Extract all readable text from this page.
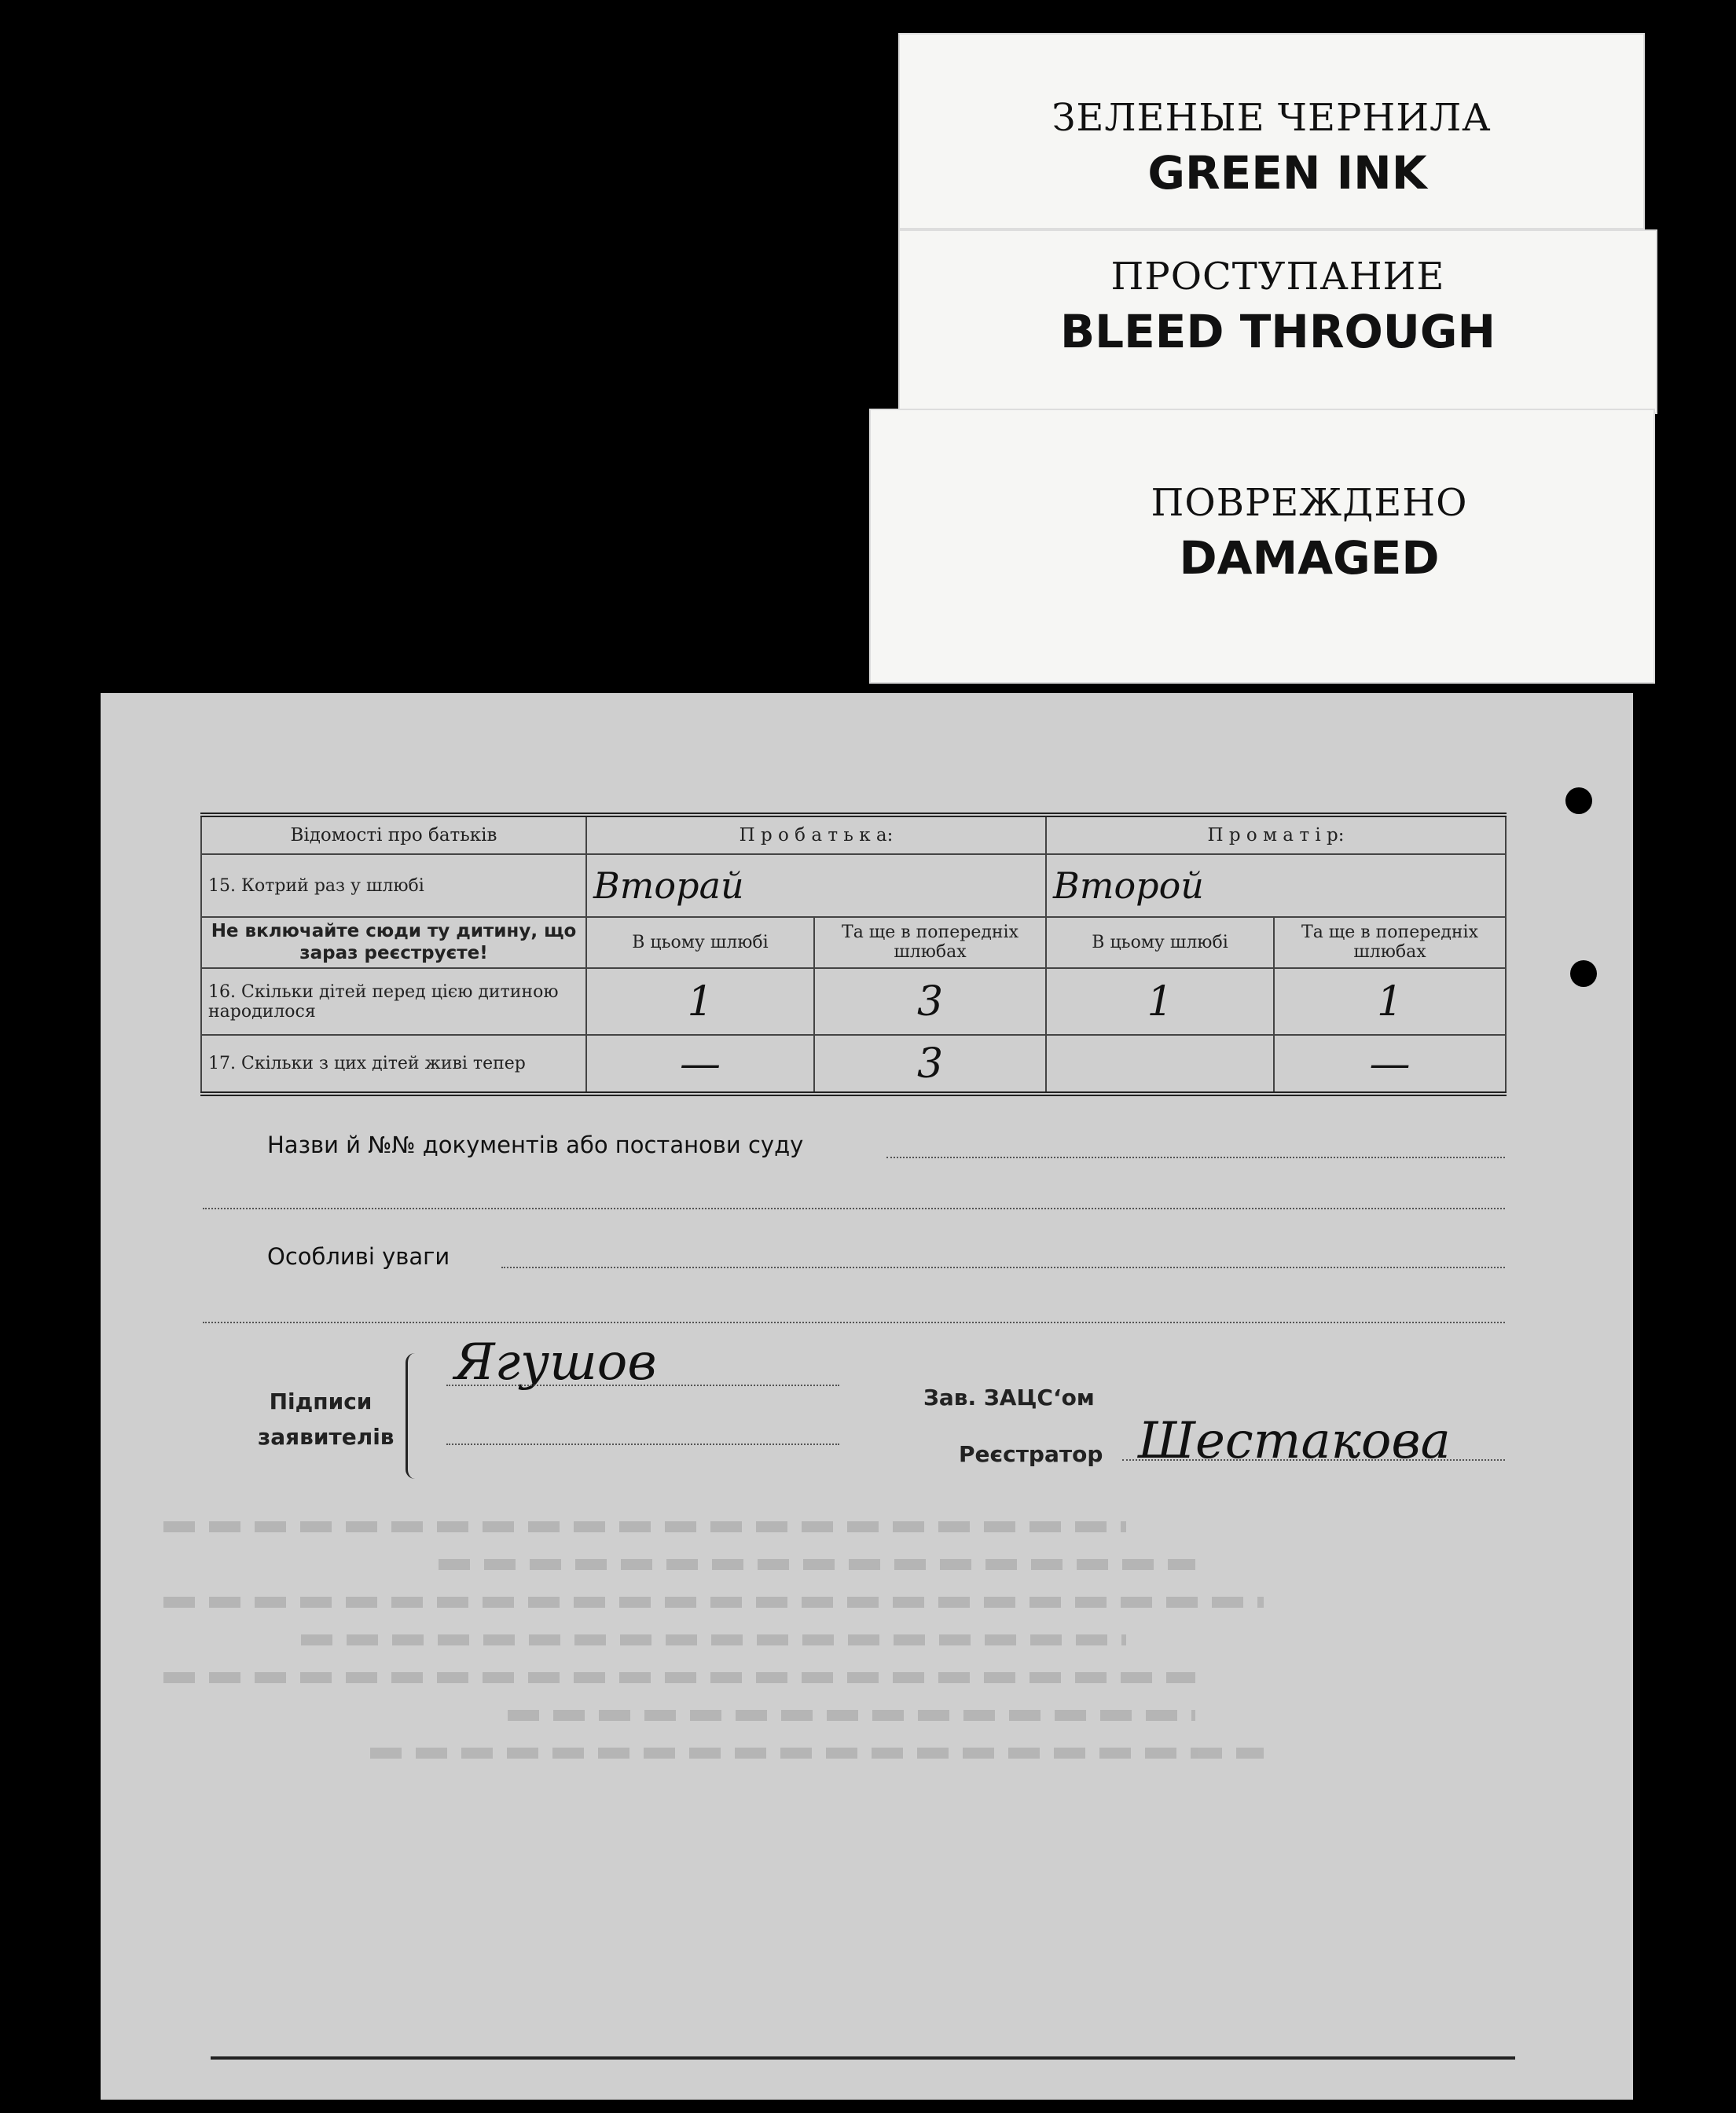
ЗЕЛЕНЫЕ ЧЕРНИЛА
GREEN INK
ПРОСТУПАНИЕ
BLEED THROUGH
ПОВРЕЖДЕНО
DAMAGED
Відомості про батьків	П р о б а т ь к а:		П р о м а т і р:	
15. Котрий раз у шлюбі	Вторай		Второй	
Не включайте сюди ту дитину, що зараз реєструєте!	В цьому шлюбі	Та ще в попередніх шлюбах	В цьому шлюбі	Та ще в попередніх шлюбах
16. Скільки дітей перед цією дитиною народилося	1	3	1	1
17. Скільки з цих дітей живі тепер	—	3		—
Назви й №№ документів або постанови суду
Особливі уваги
Підписи
заявителів
Ягушов
Зав. ЗАЦС‘ом
Реєстратор Шестакова
